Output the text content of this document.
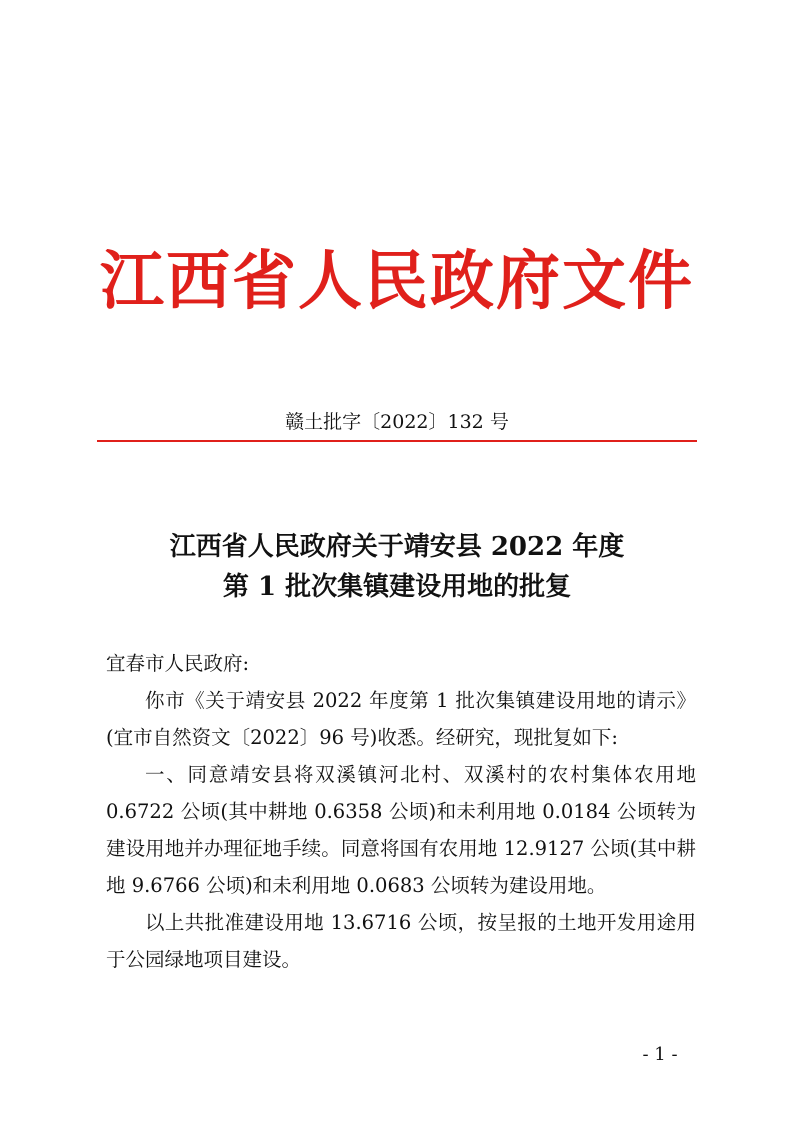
江西省人民政府文件
赣土批字〔2022〕132 号
江西省人民政府关于靖安县 2022 年度
第 1 批次集镇建设用地的批复

宜春市人民政府:

你市《关于靖安县 2022 年度第 1 批次集镇建设用地的请示》(宜市自然资文〔2022〕96 号)收悉。经研究，现批复如下:

一、同意靖安县将双溪镇河北村、双溪村的农村集体农用地 0.6722 公顷(其中耕地 0.6358 公顷)和未利用地 0.0184 公顷转为建设用地并办理征地手续。同意将国有农用地 12.9127 公顷(其中耕地 9.6766 公顷)和未利用地 0.0683 公顷转为建设用地。

以上共批准建设用地 13.6716 公顷，按呈报的土地开发用途用于公园绿地项目建设。

- 1 -
